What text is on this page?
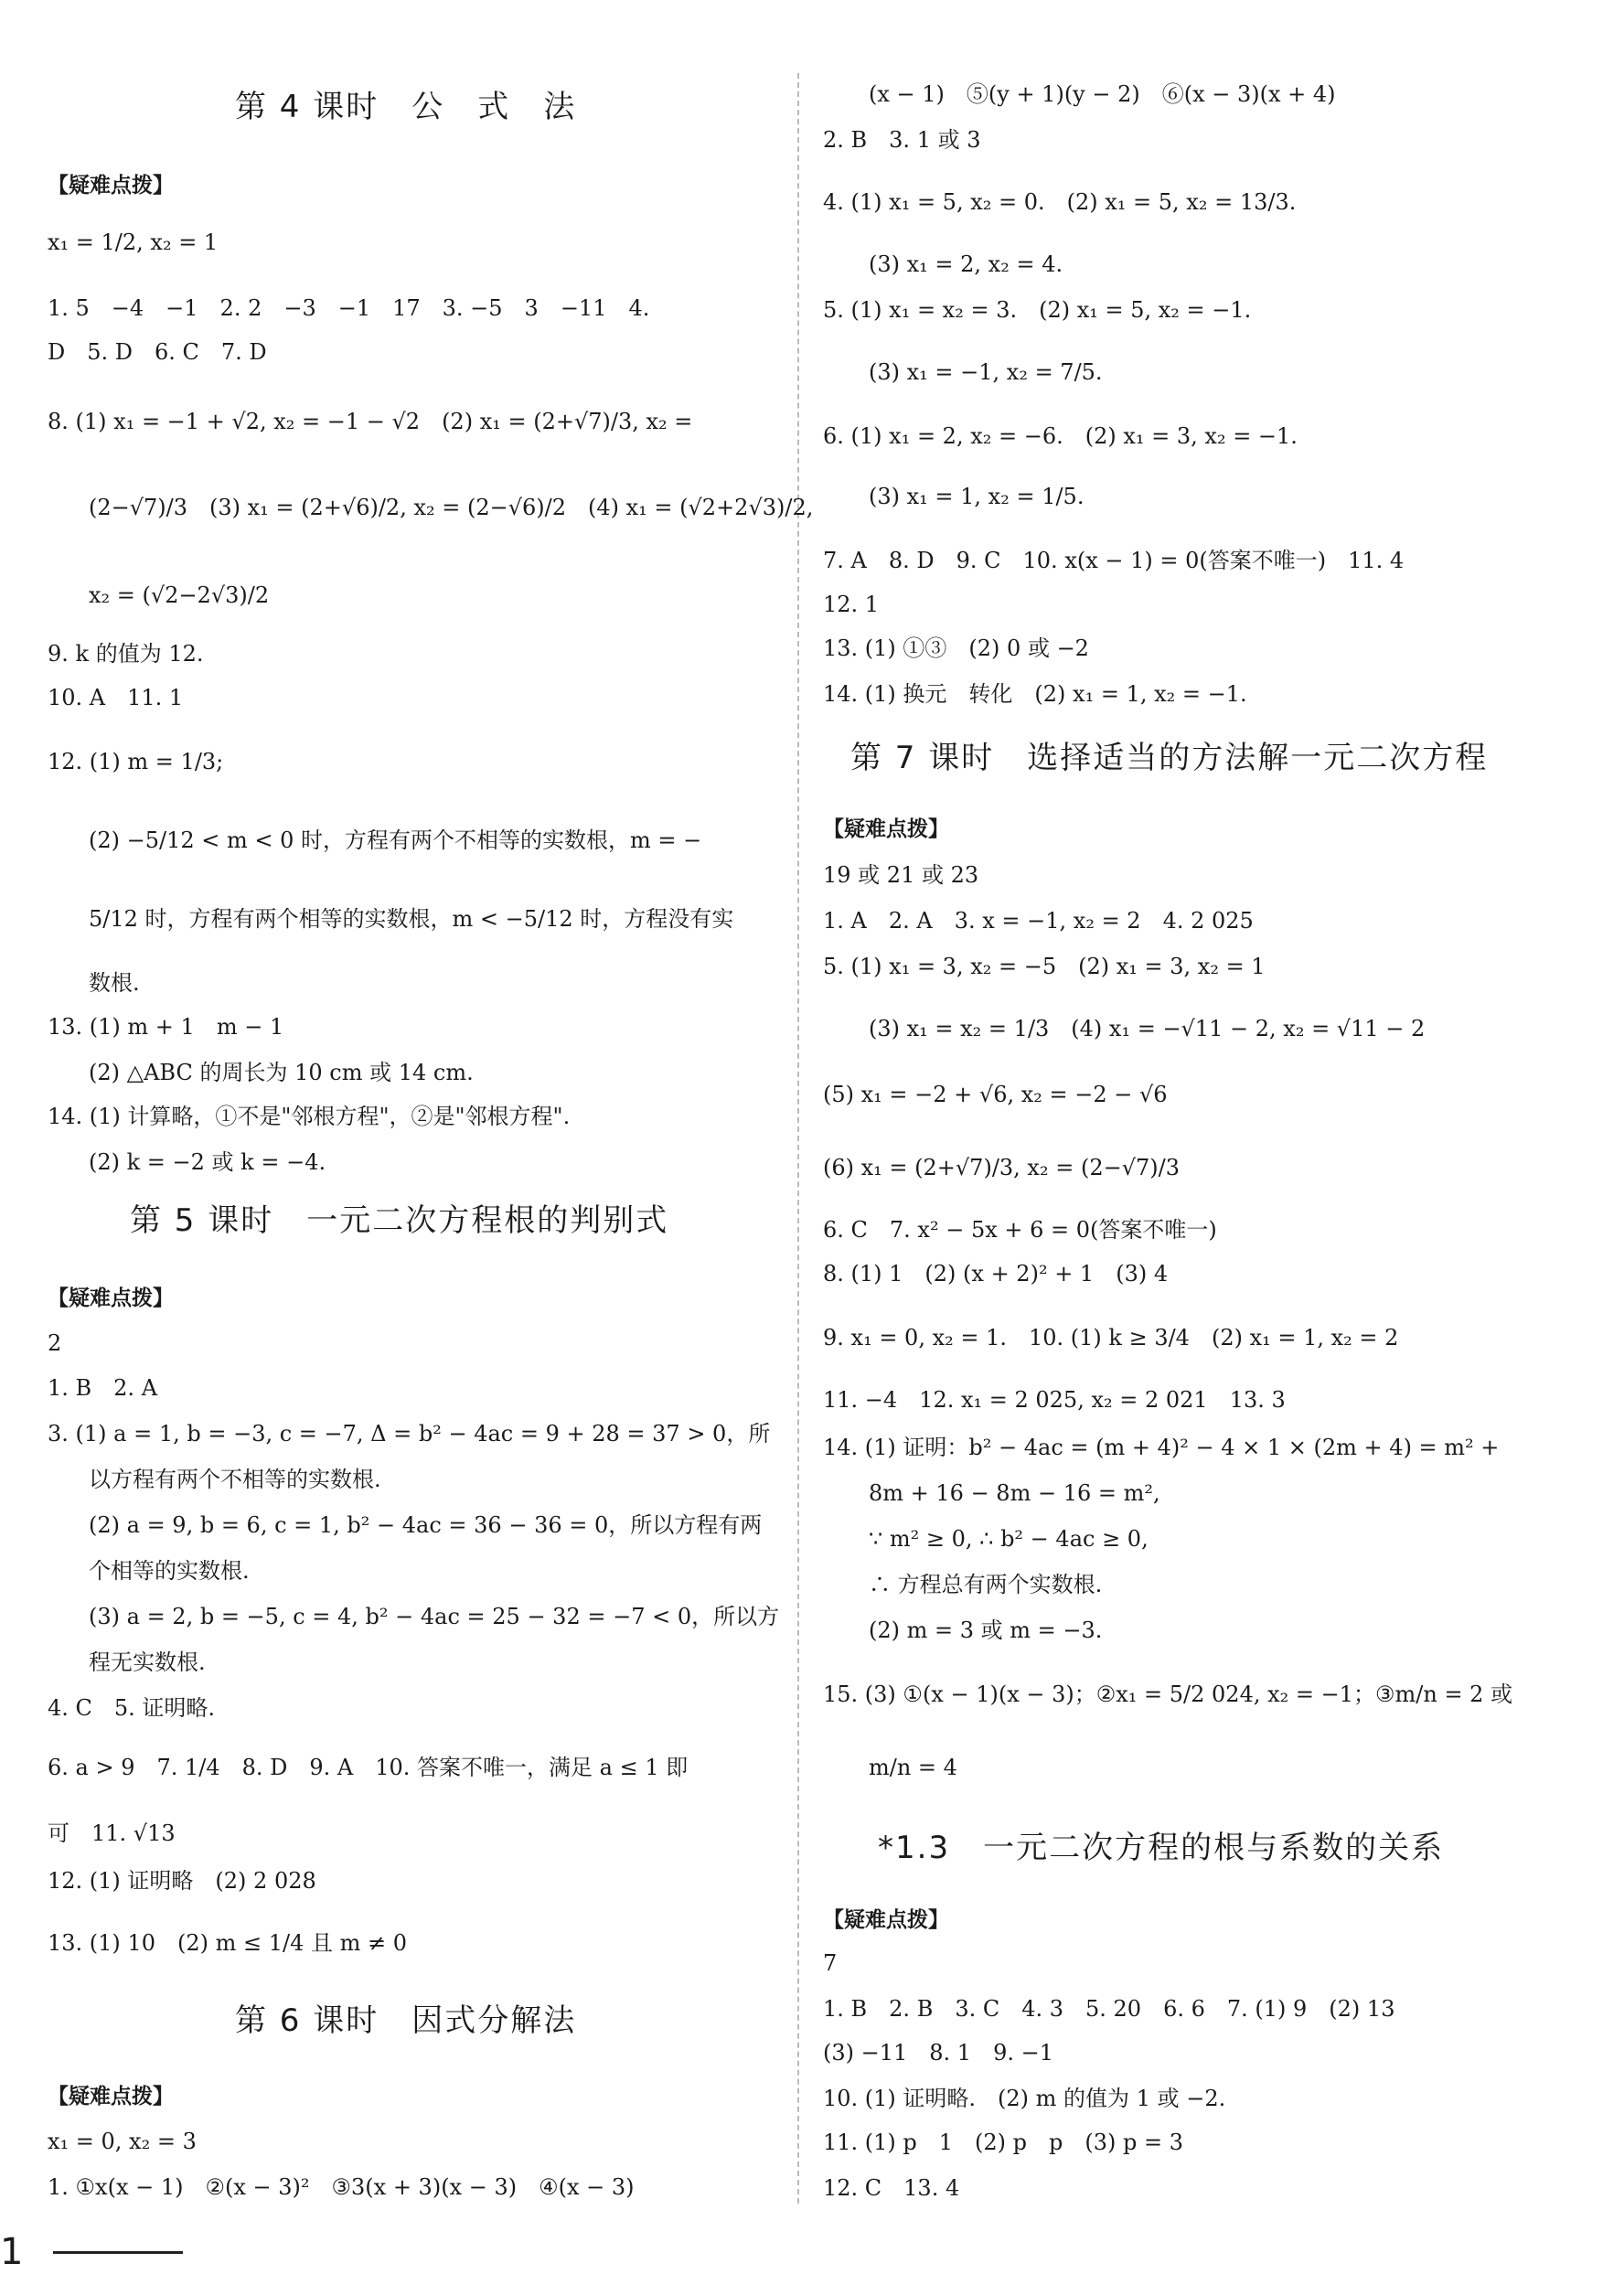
第 4 课时　公　式　法
【疑难点拨】
x₁ = 1/2, x₂ = 1
1. 5　−4　−1　2. 2　−3　−1　17　3. −5　3　−11　4.
D　5. D　6. C　7. D
8. (1) x₁ = −1 + √2, x₂ = −1 − √2　(2) x₁ = (2+√7)/3, x₂ =
(2−√7)/3　(3) x₁ = (2+√6)/2, x₂ = (2−√6)/2　(4) x₁ = (√2+2√3)/2,
x₂ = (√2−2√3)/2
9. k 的值为 12.
10. A　11. 1
12. (1) m = 1/3;
(2) −5/12 < m < 0 时，方程有两个不相等的实数根，m = −
5/12 时，方程有两个相等的实数根，m < −5/12 时，方程没有实
数根.
13. (1) m + 1　m − 1
(2) △ABC 的周长为 10 cm 或 14 cm.
14. (1) 计算略，①不是"邻根方程"，②是"邻根方程".
(2) k = −2 或 k = −4.
第 5 课时　一元二次方程根的判别式
【疑难点拨】
2
1. B　2. A
3. (1) a = 1, b = −3, c = −7, Δ = b² − 4ac = 9 + 28 = 37 > 0，所
以方程有两个不相等的实数根.
(2) a = 9, b = 6, c = 1, b² − 4ac = 36 − 36 = 0，所以方程有两
个相等的实数根.
(3) a = 2, b = −5, c = 4, b² − 4ac = 25 − 32 = −7 < 0，所以方
程无实数根.
4. C　5. 证明略.
6. a > 9　7. 1/4　8. D　9. A　10. 答案不唯一，满足 a ≤ 1 即
可　11. √13
12. (1) 证明略　(2) 2 028
13. (1) 10　(2) m ≤ 1/4 且 m ≠ 0
第 6 课时　因式分解法
【疑难点拨】
x₁ = 0, x₂ = 3
1. ①x(x − 1)　②(x − 3)²　③3(x + 3)(x − 3)　④(x − 3)
(x − 1)　⑤(y + 1)(y − 2)　⑥(x − 3)(x + 4)
2. B　3. 1 或 3
4. (1) x₁ = 5, x₂ = 0.　(2) x₁ = 5, x₂ = 13/3.
(3) x₁ = 2, x₂ = 4.
5. (1) x₁ = x₂ = 3.　(2) x₁ = 5, x₂ = −1.
(3) x₁ = −1, x₂ = 7/5.
6. (1) x₁ = 2, x₂ = −6.　(2) x₁ = 3, x₂ = −1.
(3) x₁ = 1, x₂ = 1/5.
7. A　8. D　9. C　10. x(x − 1) = 0(答案不唯一)　11. 4
12. 1
13. (1) ①③　(2) 0 或 −2
14. (1) 换元　转化　(2) x₁ = 1, x₂ = −1.
第 7 课时　选择适当的方法解一元二次方程
【疑难点拨】
19 或 21 或 23
1. A　2. A　3. x = −1, x₂ = 2　4. 2 025
5. (1) x₁ = 3, x₂ = −5　(2) x₁ = 3, x₂ = 1
(3) x₁ = x₂ = 1/3　(4) x₁ = −√11 − 2, x₂ = √11 − 2
(5) x₁ = −2 + √6, x₂ = −2 − √6
(6) x₁ = (2+√7)/3, x₂ = (2−√7)/3
6. C　7. x² − 5x + 6 = 0(答案不唯一)
8. (1) 1　(2) (x + 2)² + 1　(3) 4
9. x₁ = 0, x₂ = 1.　10. (1) k ≥ 3/4　(2) x₁ = 1, x₂ = 2
11. −4　12. x₁ = 2 025, x₂ = 2 021　13. 3
14. (1) 证明：b² − 4ac = (m + 4)² − 4 × 1 × (2m + 4) = m² +
8m + 16 − 8m − 16 = m²,
∵ m² ≥ 0, ∴ b² − 4ac ≥ 0,
∴ 方程总有两个实数根.
(2) m = 3 或 m = −3.
15. (3) ①(x − 1)(x − 3)；②x₁ = 5/2 024, x₂ = −1；③m/n = 2 或
m/n = 4
*1.3　一元二次方程的根与系数的关系
【疑难点拨】
7
1. B　2. B　3. C　4. 3　5. 20　6. 6　7. (1) 9　(2) 13
(3) −11　8. 1　9. −1
10. (1) 证明略.　(2) m 的值为 1 或 −2.
11. (1) p　1　(2) p　p　(3) p = 3
12. C　13. 4
1
